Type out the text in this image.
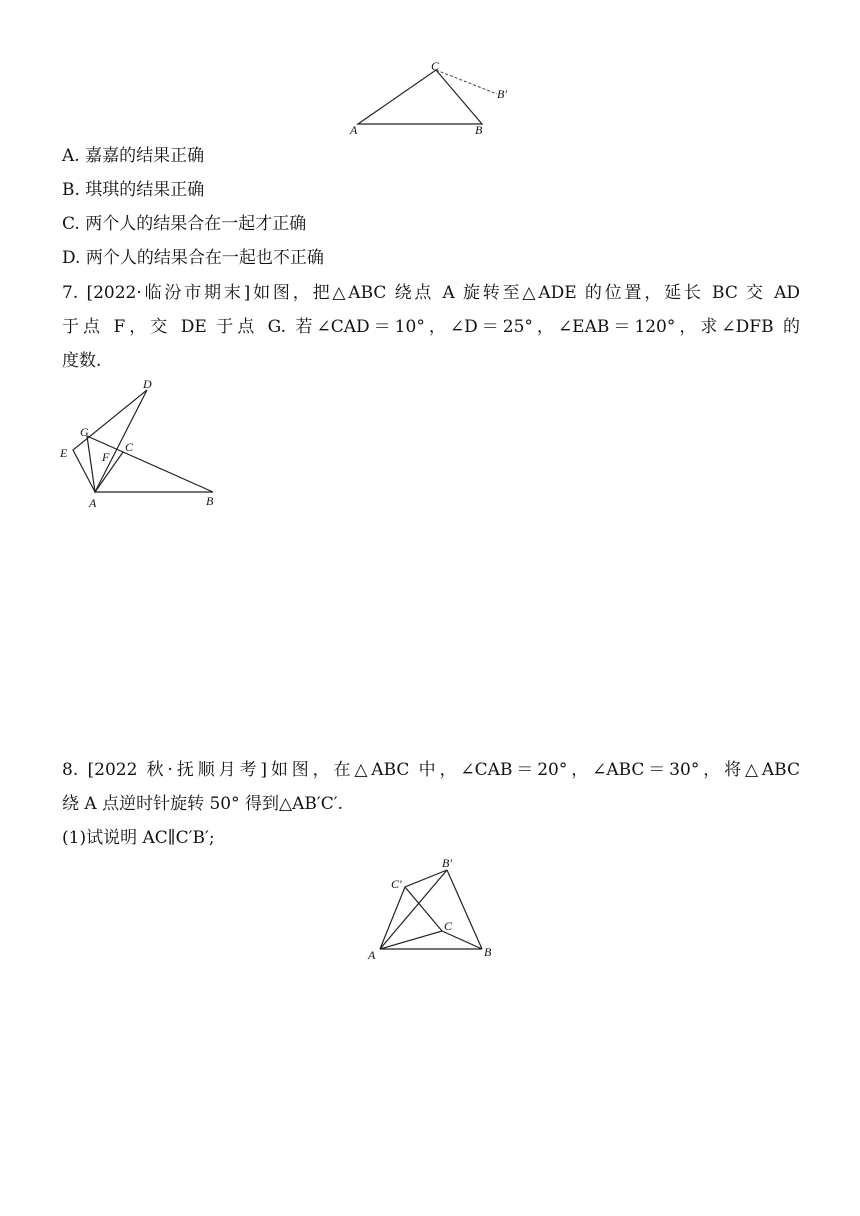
A	B
C
B′
A. 嘉嘉的结果正确
B. 琪琪的结果正确
C. 两个人的结果合在一起才正确
D. 两个人的结果合在一起也不正确
7. [2022·临汾市期末]如图，把△ABC 绕点 A 旋转至△ADE 的位置，延长 BC 交 AD
于点 F，交 DE 于点 G. 若∠CAD＝10°，∠D＝25°，∠EAB＝120°，求∠DFB 的
度数.
D
G
C
E	F
A	B
8. [2022 秋·抚顺月考]如图，在△ABC 中，∠CAB＝20°，∠ABC＝30°，将△ABC
绕 A 点逆时针旋转 50° 得到△AB′C′.
(1)试说明 AC∥C′B′;
B′
C′
C
A	B
